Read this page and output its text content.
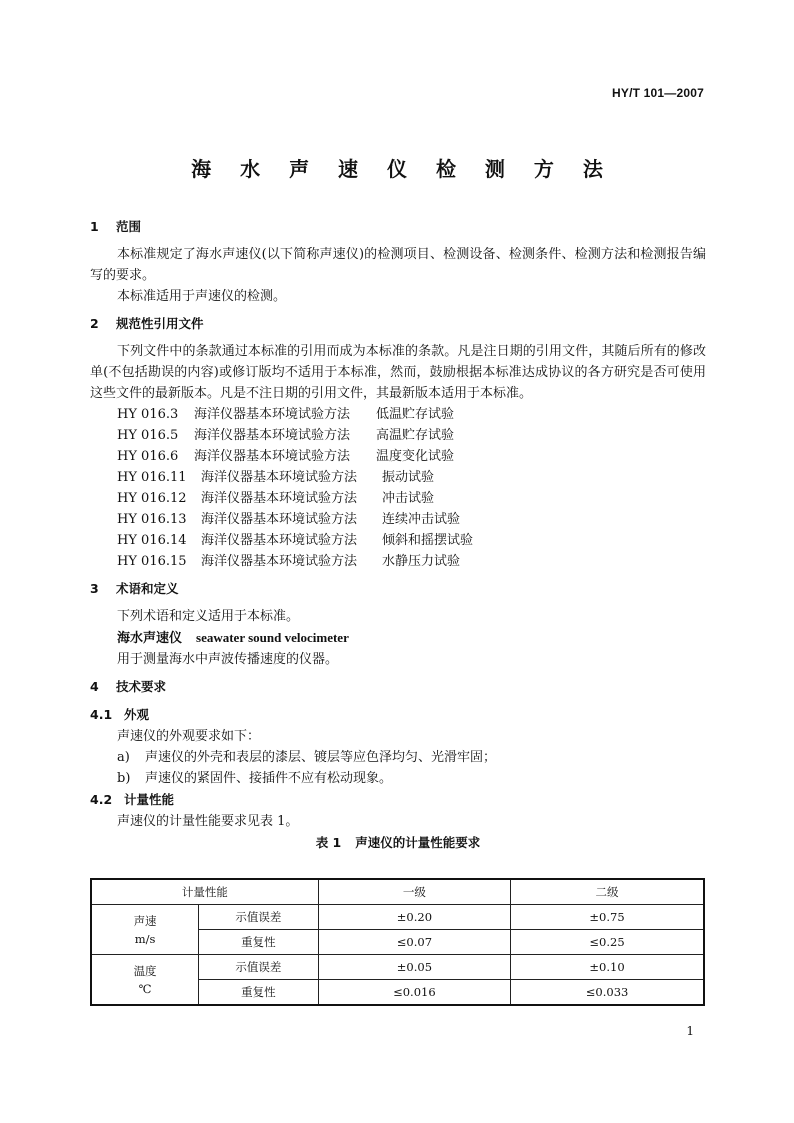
HY/T 101—2007
海 水 声 速 仪 检 测 方 法
1 范围

本标准规定了海水声速仪(以下简称声速仪)的检测项目、检测设备、检测条件、检测方法和检测报告编写的要求。

本标准适用于声速仪的检测。

2 规范性引用文件

下列文件中的条款通过本标准的引用而成为本标准的条款。凡是注日期的引用文件，其随后所有的修改单(不包括勘误的内容)或修订版均不适用于本标准，然而，鼓励根据本标准达成协议的各方研究是否可使用这些文件的最新版本。凡是不注日期的引用文件，其最新版本适用于本标准。

HY 016.3 海洋仪器基本环境试验方法 低温贮存试验
HY 016.5 海洋仪器基本环境试验方法 高温贮存试验
HY 016.6 海洋仪器基本环境试验方法 温度变化试验
HY 016.11 海洋仪器基本环境试验方法 振动试验
HY 016.12 海洋仪器基本环境试验方法 冲击试验
HY 016.13 海洋仪器基本环境试验方法 连续冲击试验
HY 016.14 海洋仪器基本环境试验方法 倾斜和摇摆试验
HY 016.15 海洋仪器基本环境试验方法 水静压力试验
3 术语和定义

下列术语和定义适用于本标准。

海水声速仪 seawater sound velocimeter

用于测量海水中声波传播速度的仪器。

4 技术要求
4.1 外观

声速仪的外观要求如下：

a) 声速仪的外壳和表层的漆层、镀层等应色泽均匀、光滑牢固；
b) 声速仪的紧固件、接插件不应有松动现象。
4.2 计量性能

声速仪的计量性能要求见表 1。

表 1 声速仪的计量性能要求
计量性能		一级	二级

声速
m/s	示值误差	±0.20	±0.75
	重复性	≤0.07	≤0.25

温度
℃	示值误差	±0.05	±0.10
	重复性	≤0.016	≤0.033
1
